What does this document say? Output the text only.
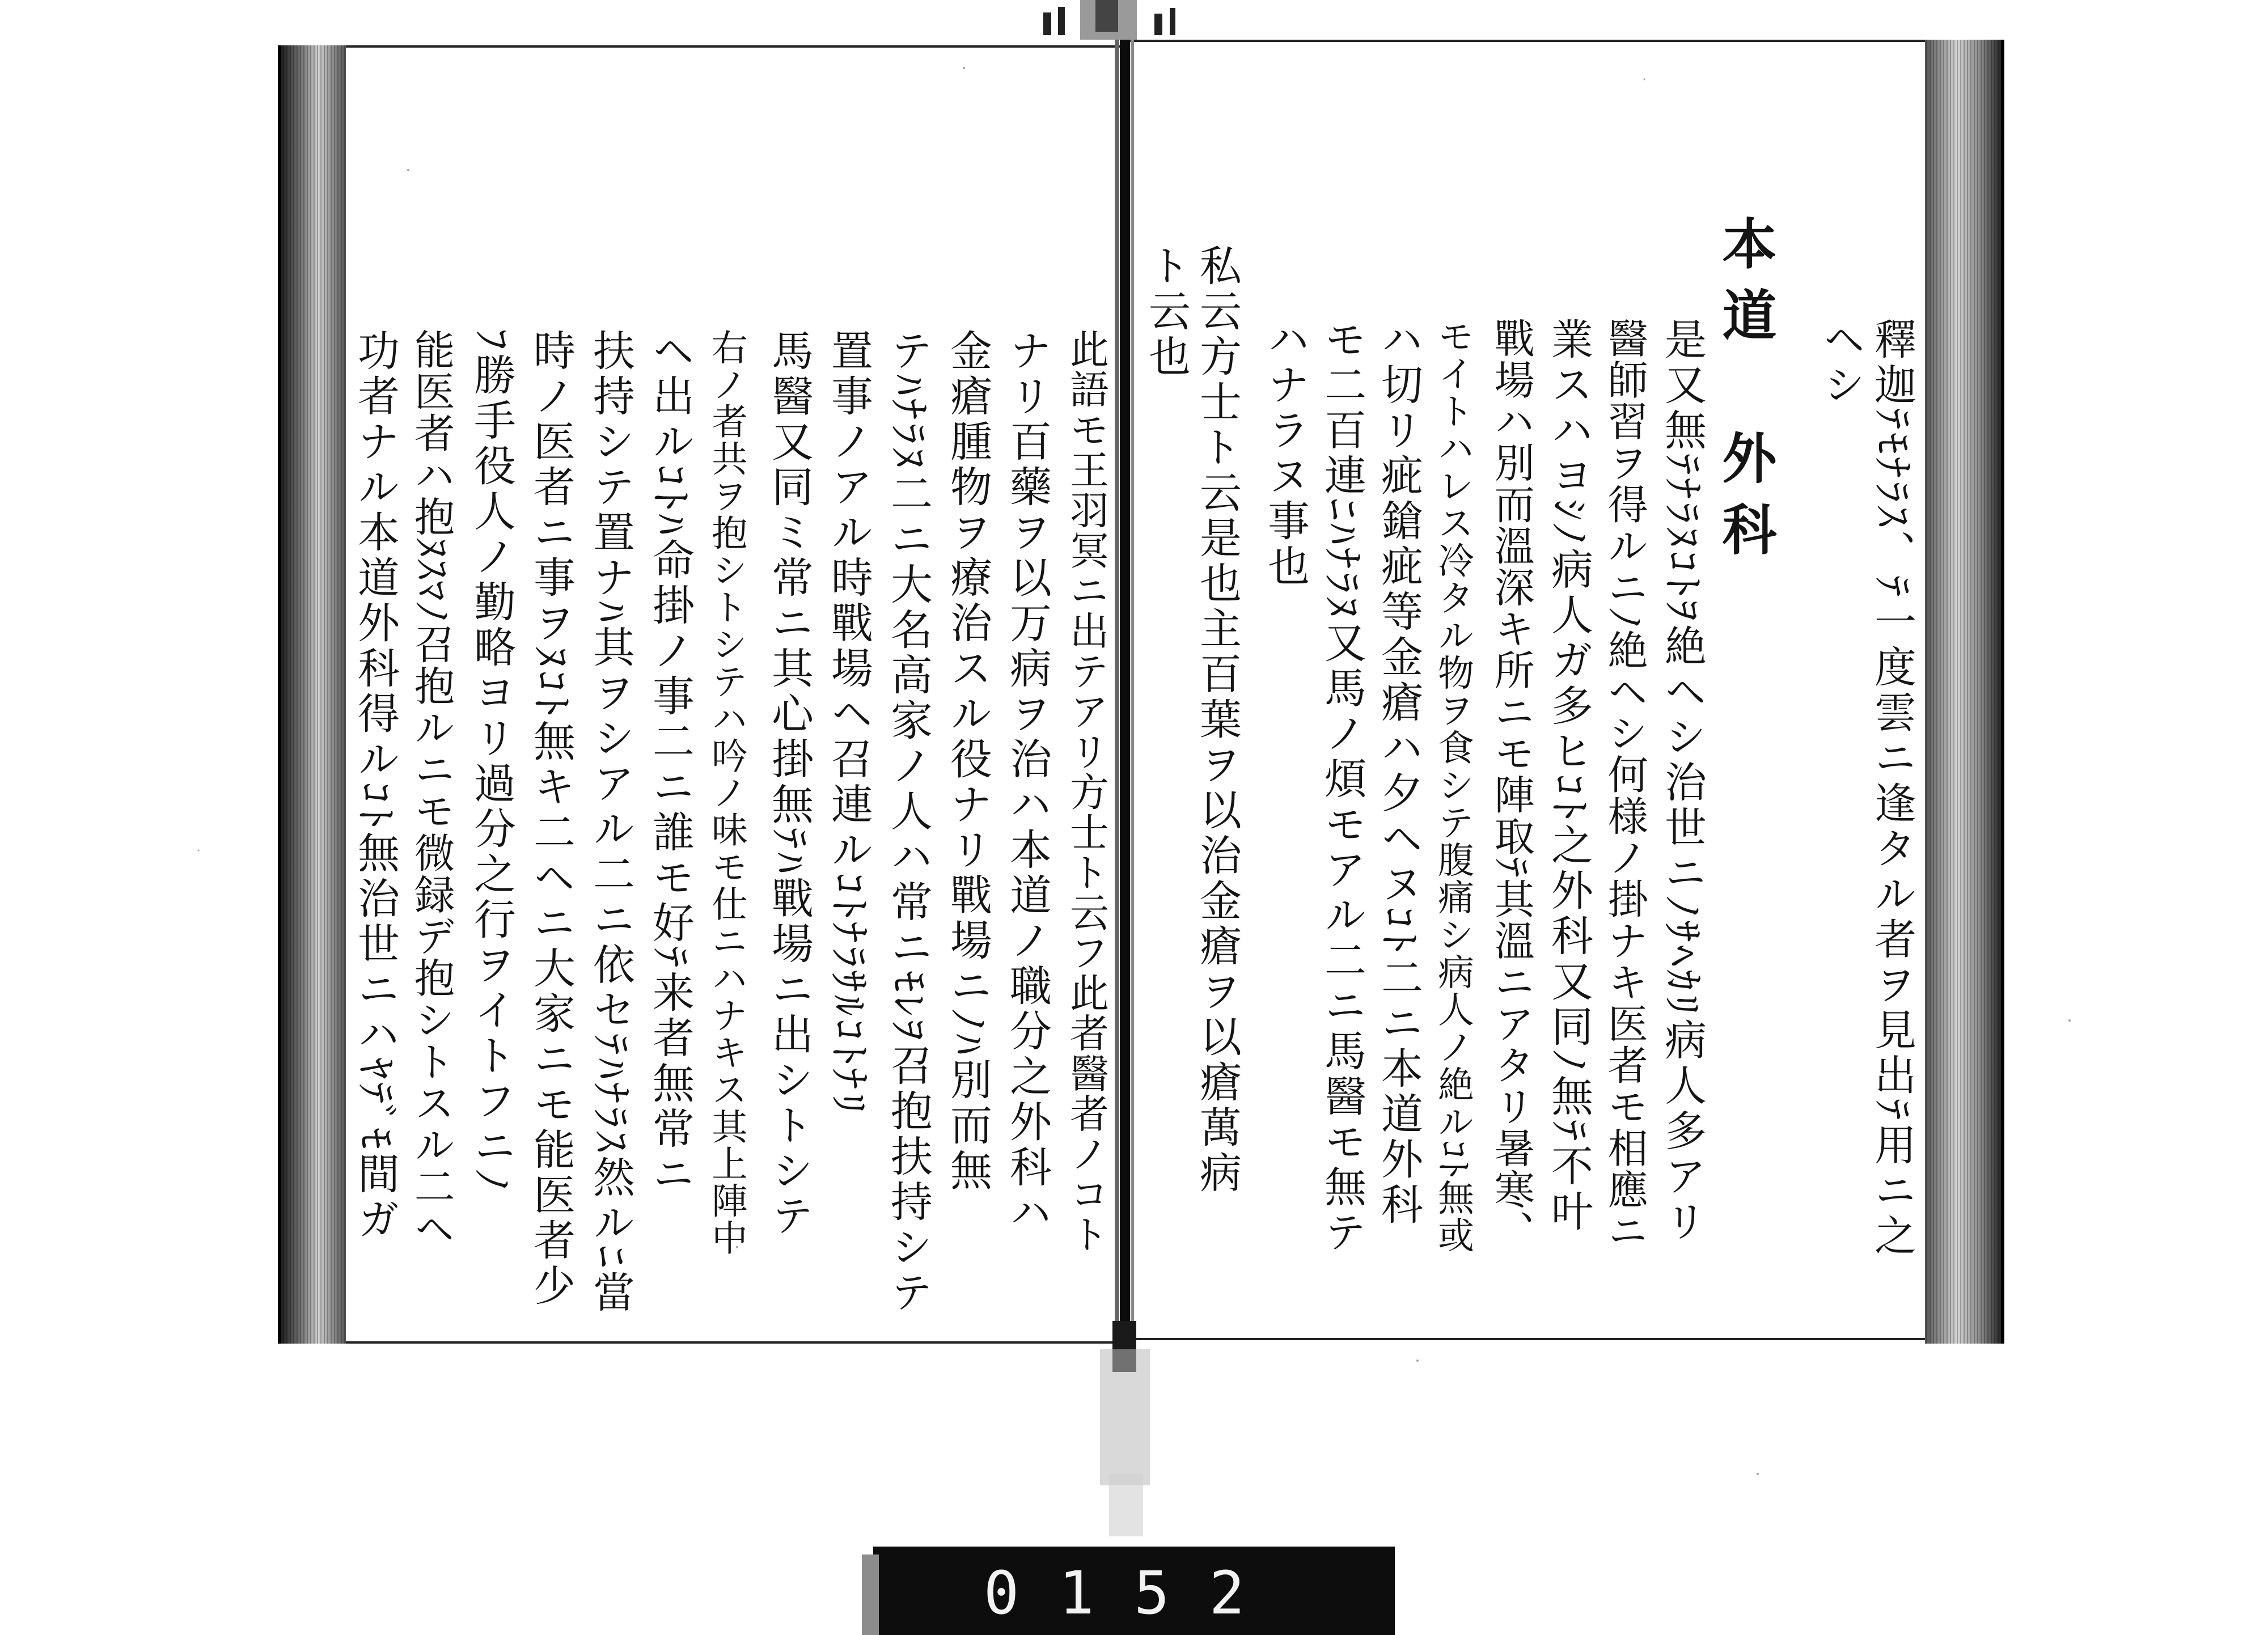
釋迦ﾃﾓﾅﾗｽ、ﾃ一度雲ニ逢タル者ヲ見出ﾃ用ニ之
ヘシ
本道　外科
是又無ﾃﾅﾗﾇｺﾄｦ絶ヘシ治世ニﾉｻﾍｶﾘ病人多アリ
醫師習ヲ得ルニﾉ絶ヘシ何様ノ掛ナキ医者モ相應ニ
業スハヨｼﾉ病人ガ多ヒｺﾄ之外科又同ﾉ無ﾃ不叶
戰場ハ別而溫深キ所ニモ陣取ﾃ其溫ニアタリ暑寒、
モイトハレス冷タル物ヲ食シテ腹痛シ病人ノ絶ルｺﾄ無或
ハ切リ疵鎗疵等金瘡ハ夕ヘヌｺﾄ二ニ本道外科
モ二百連ﾆﾊﾅﾗﾇ又馬ノ煩モアル二ニ馬醫モ無テ
ハナラヌ事也
私云方士ト云是也主百葉ヲ以治金瘡ヲ以瘡萬病
ト云也
此語モ王羽冥ニ出テアリ方士ト云フ此者醫者ノコト
ナリ百藥ヲ以万病ヲ治ハ本道ノ職分之外科ハ
金瘡腫物ヲ療治スル役ナリ戰場ニﾉﾊ別而無
テﾊﾅﾗﾇ二ニ大名高家ノ人ハ常ニﾓﾚｦ召抱扶持シテ
置事ノアル時戰場ヘ召連ルｺﾄﾅﾗｻﾙｺﾄﾅﾘ
馬醫又同ミ常ニ其心掛無ﾃﾊ戰場ニ出シトシテ
右ノ者共ヲ抱シトシテハ吟ノ味モ仕ニハナキス其上陣中
ヘ出ルｺﾄﾊ命掛ノ事二ニ誰モ好ﾃ来者無常ニ
扶持シテ置ナﾊ其ヲシアル二ニ依セﾃﾊﾅﾗｽ然ルﾆ當
時ノ医者ニ事ヲﾇｺﾄ無キ二ヘニ大家ニモ能医者少
ﾌ勝手役人ノ勤略ヨリ過分之行ヲイトフニﾉ
能医者ハ抱ﾇｽﾏﾉ召抱ルニモ微録デ抱シトスル二ヘ
功者ナル本道外科得ルｺﾄ無治世ニハﾔﾃﾞﾓ間ガ
0152
